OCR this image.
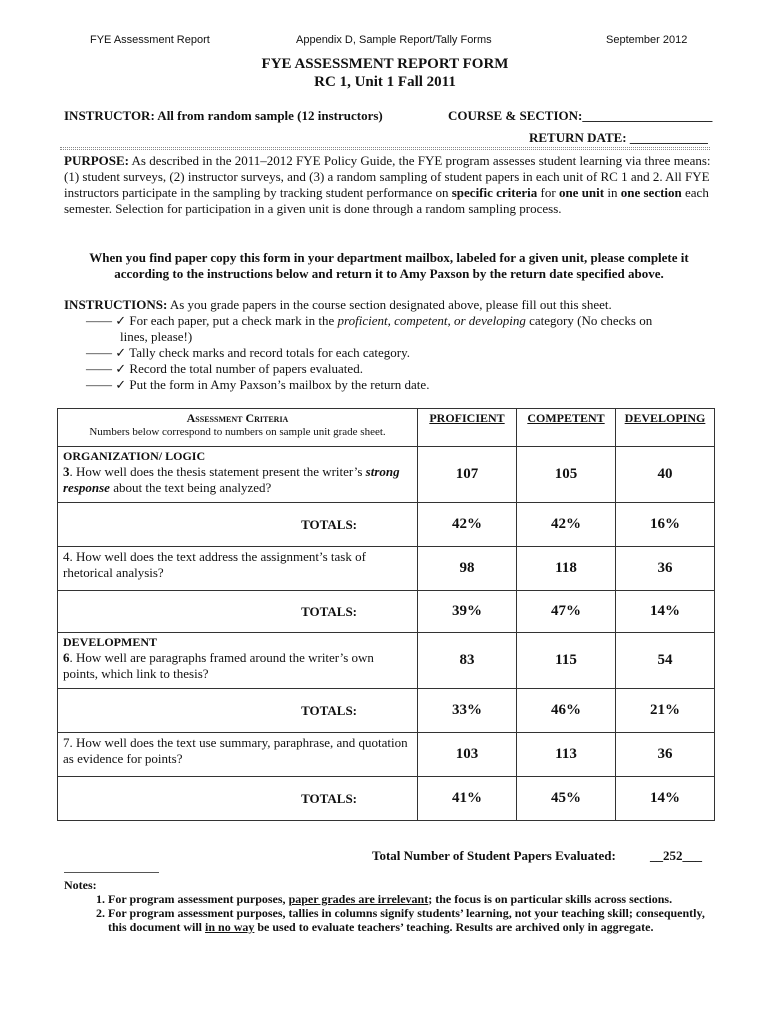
FYE Assessment Report	Appendix D, Sample Report/Tally Forms	September 2012
FYE ASSESSMENT REPORT FORM
RC 1, Unit 1 Fall 2011
INSTRUCTOR: All from random sample (12 instructors)	COURSE & SECTION:____________________
RETURN DATE: ____________
PURPOSE: As described in the 2011–2012 FYE Policy Guide, the FYE program assesses student learning via three means: (1) student surveys, (2) instructor surveys, and (3) a random sampling of student papers in each unit of RC 1 and 2. All FYE instructors participate in the sampling by tracking student performance on specific criteria for one unit in one section each semester. Selection for participation in a given unit is done through a random sampling process.
When you find paper copy this form in your department mailbox, labeled for a given unit, please complete it according to the instructions below and return it to Amy Paxson by the return date specified above.
INSTRUCTIONS: As you grade papers in the course section designated above, please fill out this sheet.
—— ✓ For each paper, put a check mark in the proficient, competent, or developing category (No checks on
lines, please!)
—— ✓ Tally check marks and record totals for each category.
—— ✓ Record the total number of papers evaluated.
—— ✓ Put the form in Amy Paxson’s mailbox by the return date.
Assessment Criteria
Numbers below correspond to numbers on sample unit grade sheet.	PROFICIENT	COMPETENT	DEVELOPING

ORGANIZATION/ LOGIC
3. How well does the thesis statement present the writer’s strong response about the text being analyzed?	107	105	40
TOTALS:	42%	42%	16%
4. How well does the text address the assignment’s task of rhetorical analysis?	98	118	36
TOTALS:	39%	47%	14%

DEVELOPMENT
6. How well are paragraphs framed around the writer’s own points, which link to thesis?	83	115	54
TOTALS:	33%	46%	21%
7. How well does the text use summary, paraphrase, and quotation as evidence for points?	103	113	36
TOTALS:	41%	45%	14%
Total Number of Student Papers Evaluated:	__252___
Notes:
1. For program assessment purposes, paper grades are irrelevant; the focus is on particular skills across sections.
2. For program assessment purposes, tallies in columns signify students’ learning, not your teaching skill; consequently, this document will in no way be used to evaluate teachers’ teaching. Results are archived only in aggregate.
